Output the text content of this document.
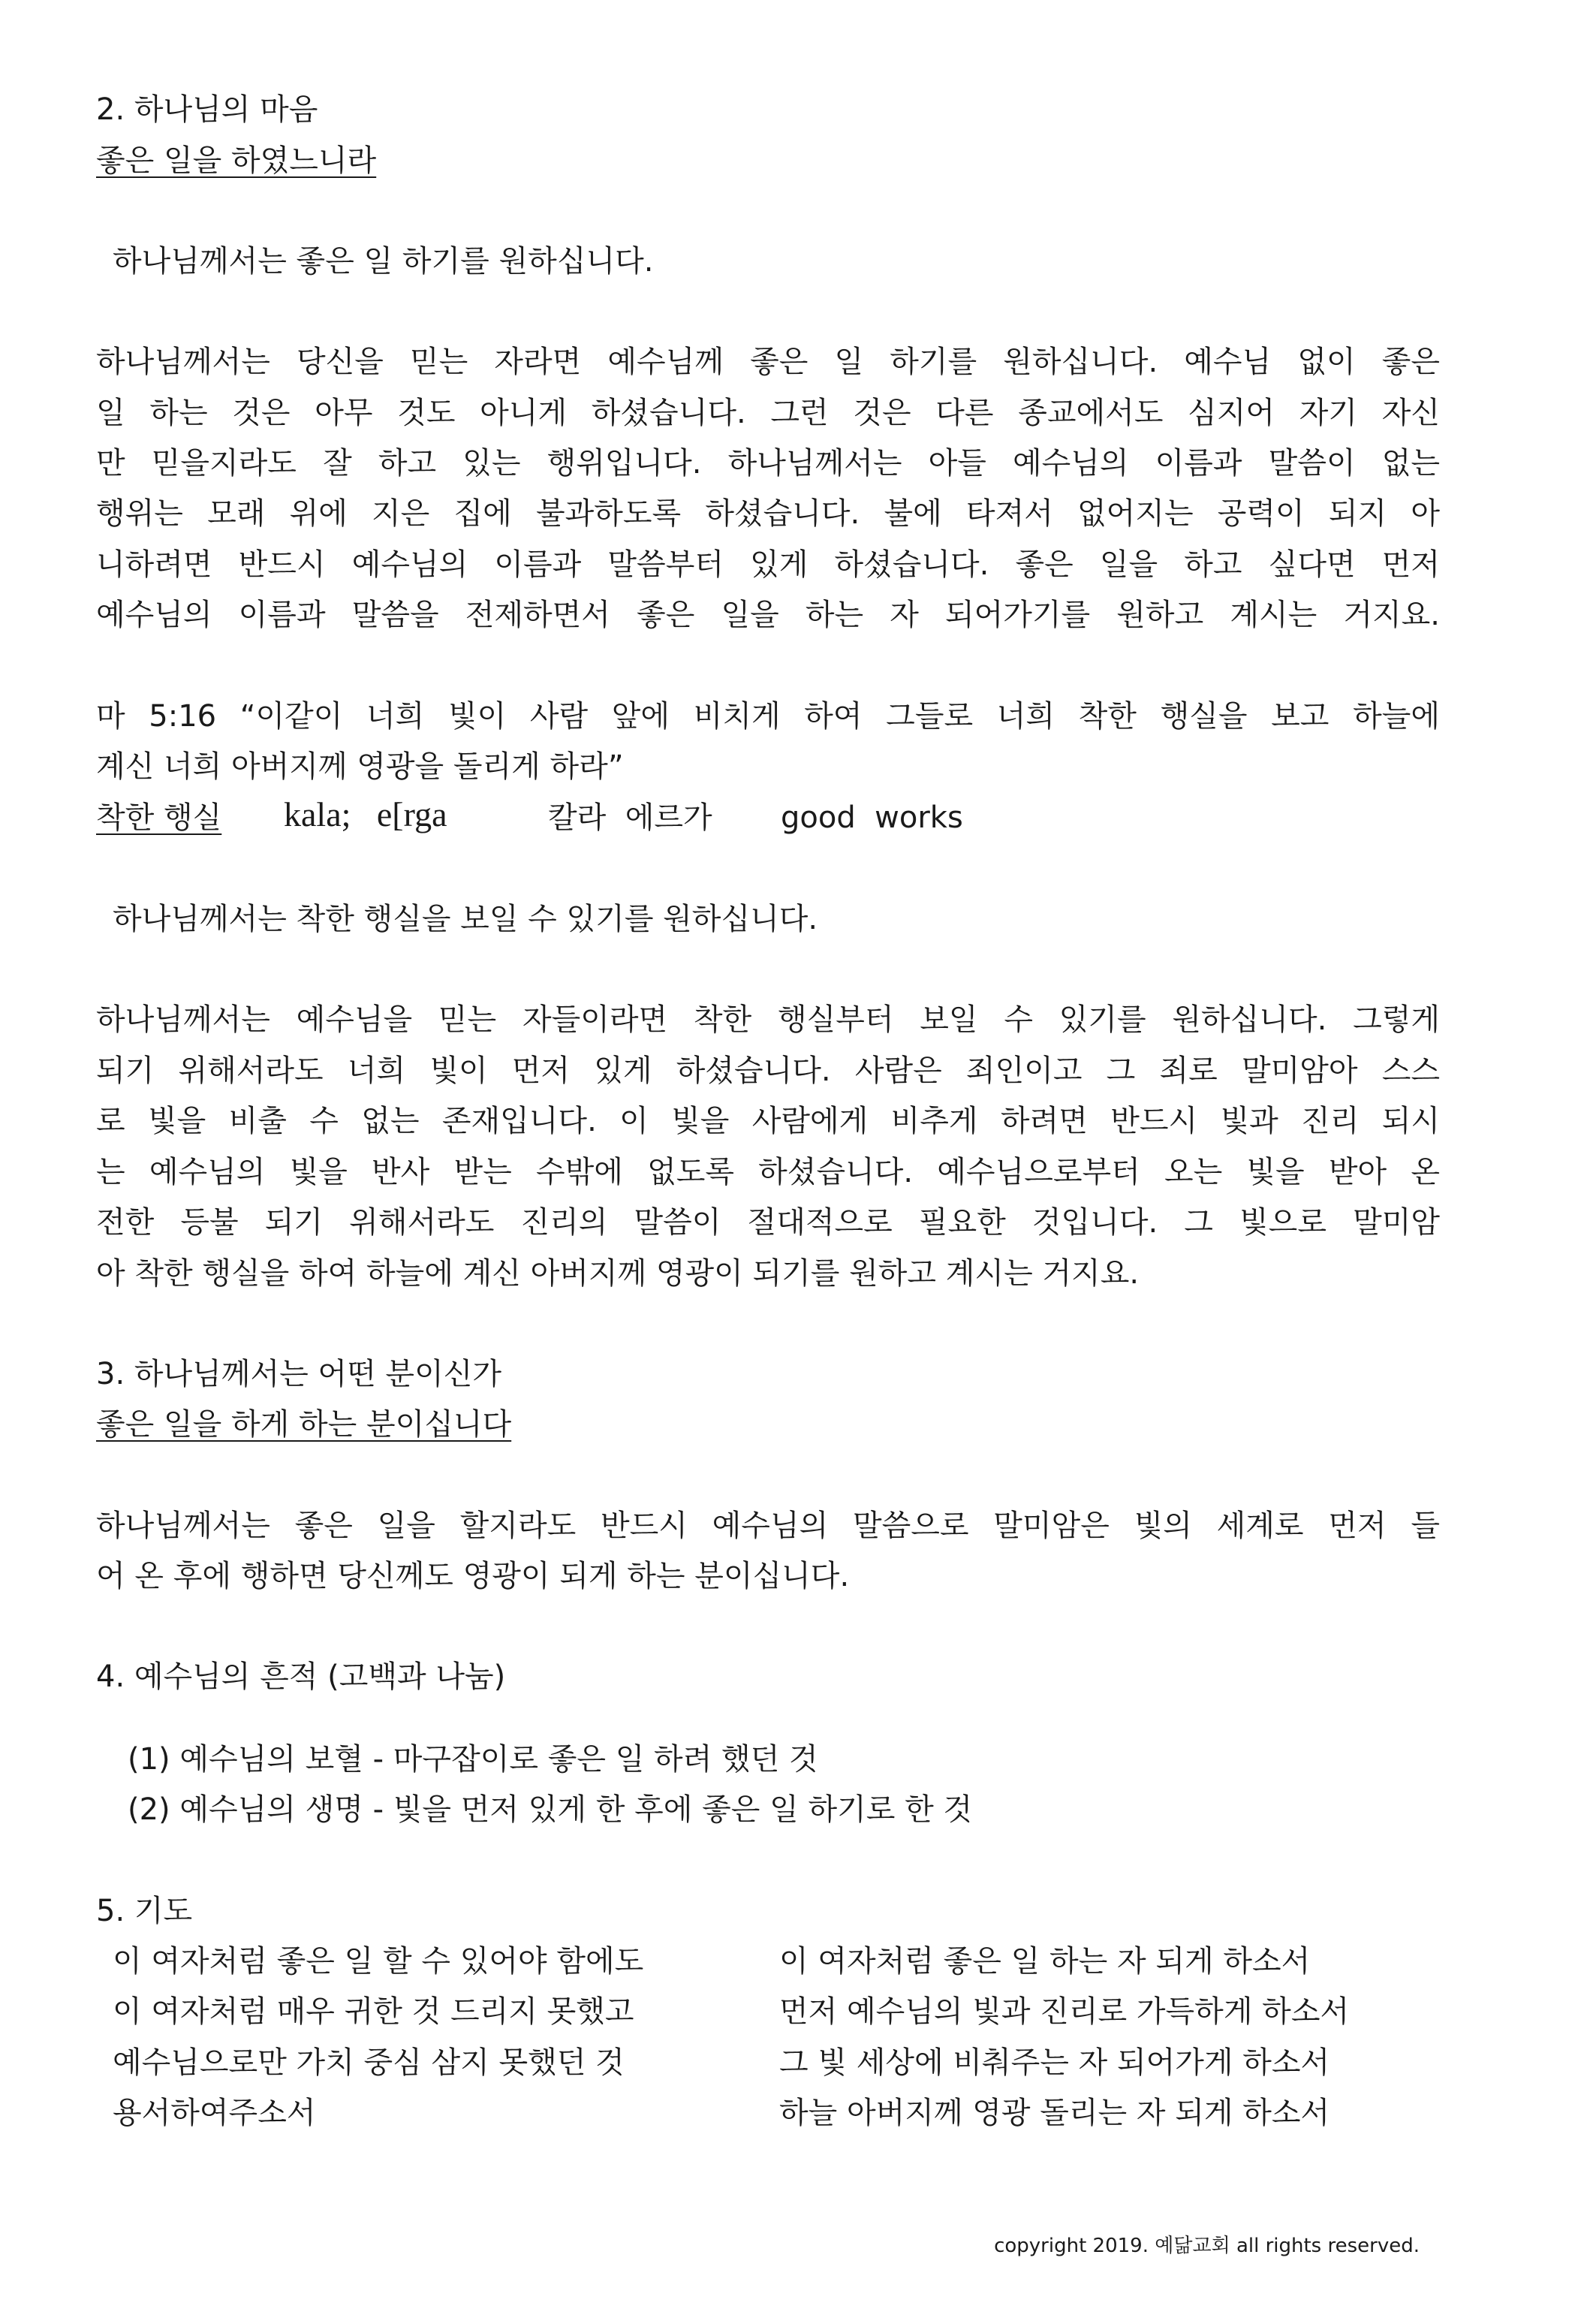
2. 하나님의 마음
좋은 일을 하였느니라
하나님께서는 좋은 일 하기를 원하십니다.
하나님께서는 당신을 믿는 자라면 예수님께 좋은 일 하기를 원하십니다. 예수님 없이 좋은
일 하는 것은 아무 것도 아니게 하셨습니다. 그런 것은 다른 종교에서도 심지어 자기 자신
만 믿을지라도 잘 하고 있는 행위입니다. 하나님께서는 아들 예수님의 이름과 말씀이 없는
행위는 모래 위에 지은 집에 불과하도록 하셨습니다. 불에 타져서 없어지는 공력이 되지 아
니하려면 반드시 예수님의 이름과 말씀부터 있게 하셨습니다. 좋은 일을 하고 싶다면 먼저
예수님의 이름과 말씀을 전제하면서 좋은 일을 하는 자 되어가기를 원하고 계시는 거지요.
마 5:16 “이같이 너희 빛이 사람 앞에 비치게 하여 그들로 너희 착한 행실을 보고 하늘에
계신 너희 아버지께 영광을 돌리게 하라”
착한 행실 kala;   e[rga	칼라  에르가 good  works
하나님께서는 착한 행실을 보일 수 있기를 원하십니다.
하나님께서는 예수님을 믿는 자들이라면 착한 행실부터 보일 수 있기를 원하십니다. 그렇게
되기 위해서라도 너희 빛이 먼저 있게 하셨습니다. 사람은 죄인이고 그 죄로 말미암아 스스
로 빛을 비출 수 없는 존재입니다. 이 빛을 사람에게 비추게 하려면 반드시 빛과 진리 되시
는 예수님의 빛을 반사 받는 수밖에 없도록 하셨습니다. 예수님으로부터 오는 빛을 받아 온
전한 등불 되기 위해서라도 진리의 말씀이 절대적으로 필요한 것입니다. 그 빛으로 말미암
아 착한 행실을 하여 하늘에 계신 아버지께 영광이 되기를 원하고 계시는 거지요.
3. 하나님께서는 어떤 분이신가
좋은 일을 하게 하는 분이십니다
하나님께서는 좋은 일을 할지라도 반드시 예수님의 말씀으로 말미암은 빛의 세계로 먼저 들
어 온 후에 행하면 당신께도 영광이 되게 하는 분이십니다.
4. 예수님의 흔적 (고백과 나눔)
(1) 예수님의 보혈 - 마구잡이로 좋은 일 하려 했던 것
(2) 예수님의 생명 - 빛을 먼저 있게 한 후에 좋은 일 하기로 한 것
5. 기도
이 여자처럼 좋은 일 할 수 있어야 함에도
이 여자처럼 매우 귀한 것 드리지 못했고
예수님으로만 가치 중심 삼지 못했던 것
용서하여주소서
이 여자처럼 좋은 일 하는 자 되게 하소서
먼저 예수님의 빛과 진리로 가득하게 하소서
그 빛 세상에 비춰주는 자 되어가게 하소서
하늘 아버지께 영광 돌리는 자 되게 하소서
copyright 2019. 예닮교회 all rights reserved.
